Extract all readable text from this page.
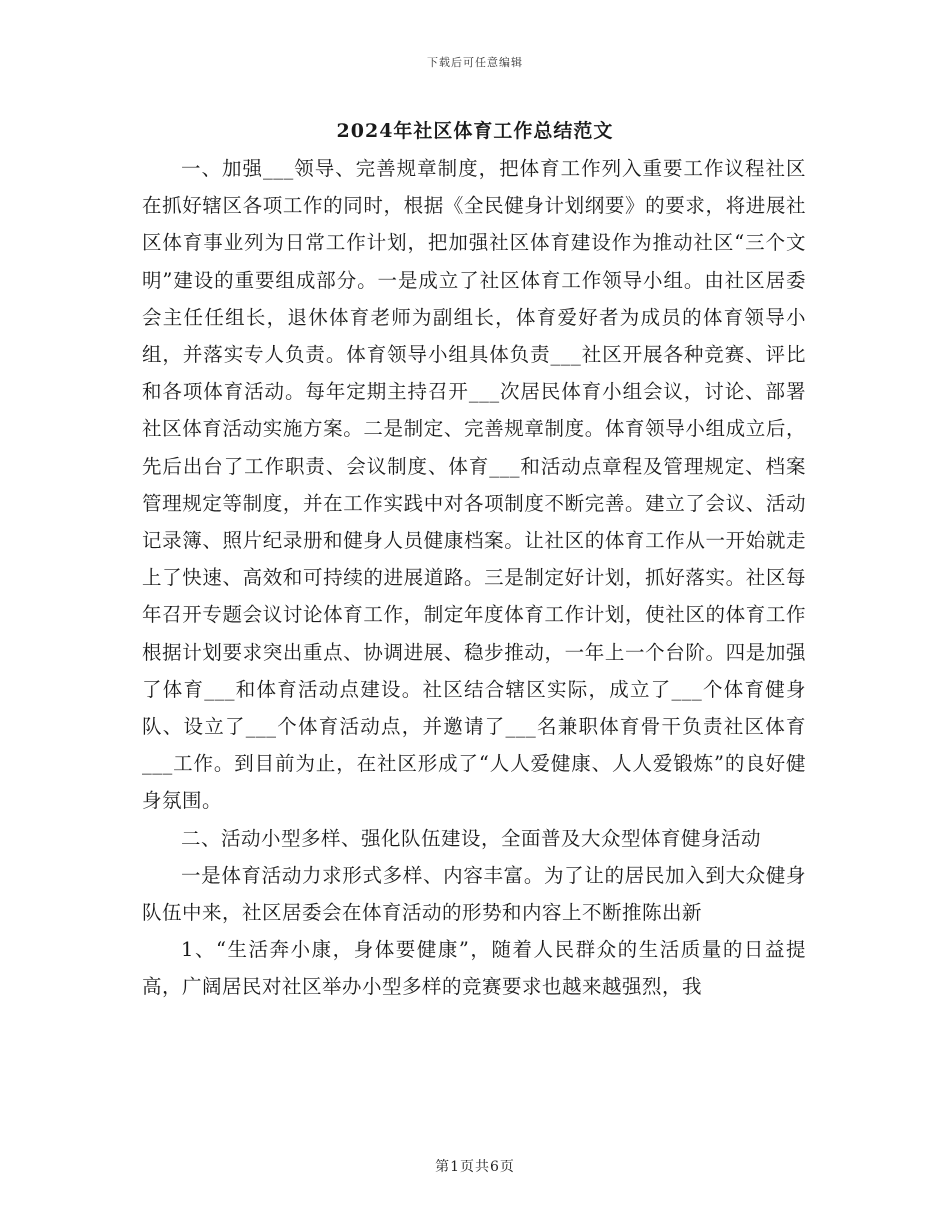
下载后可任意编辑
2024年社区体育工作总结范文

一、加强___领导、完善规章制度，把体育工作列入重要工作议程社区在抓好辖区各项工作的同时，根据《全民健身计划纲要》的要求，将进展社区体育事业列为日常工作计划，把加强社区体育建设作为推动社区“三个文明”建设的重要组成部分。一是成立了社区体育工作领导小组。由社区居委会主任任组长，退休体育老师为副组长，体育爱好者为成员的体育领导小组，并落实专人负责。体育领导小组具体负责___社区开展各种竞赛、评比和各项体育活动。每年定期主持召开___次居民体育小组会议，讨论、部署社区体育活动实施方案。二是制定、完善规章制度。体育领导小组成立后，先后出台了工作职责、会议制度、体育___和活动点章程及管理规定、档案管理规定等制度，并在工作实践中对各项制度不断完善。建立了会议、活动记录簿、照片纪录册和健身人员健康档案。让社区的体育工作从一开始就走上了快速、高效和可持续的进展道路。三是制定好计划，抓好落实。社区每年召开专题会议讨论体育工作，制定年度体育工作计划，使社区的体育工作根据计划要求突出重点、协调进展、稳步推动，一年上一个台阶。四是加强了体育___和体育活动点建设。社区结合辖区实际，成立了___个体育健身队、设立了___个体育活动点，并邀请了___名兼职体育骨干负责社区体育___工作。到目前为止，在社区形成了“人人爱健康、人人爱锻炼”的良好健身氛围。

二、活动小型多样、强化队伍建设，全面普及大众型体育健身活动

一是体育活动力求形式多样、内容丰富。为了让的居民加入到大众健身队伍中来，社区居委会在体育活动的形势和内容上不断推陈出新

1、“生活奔小康，身体要健康”，随着人民群众的生活质量的日益提高，广阔居民对社区举办小型多样的竞赛要求也越来越强烈，我

第1页共6页
